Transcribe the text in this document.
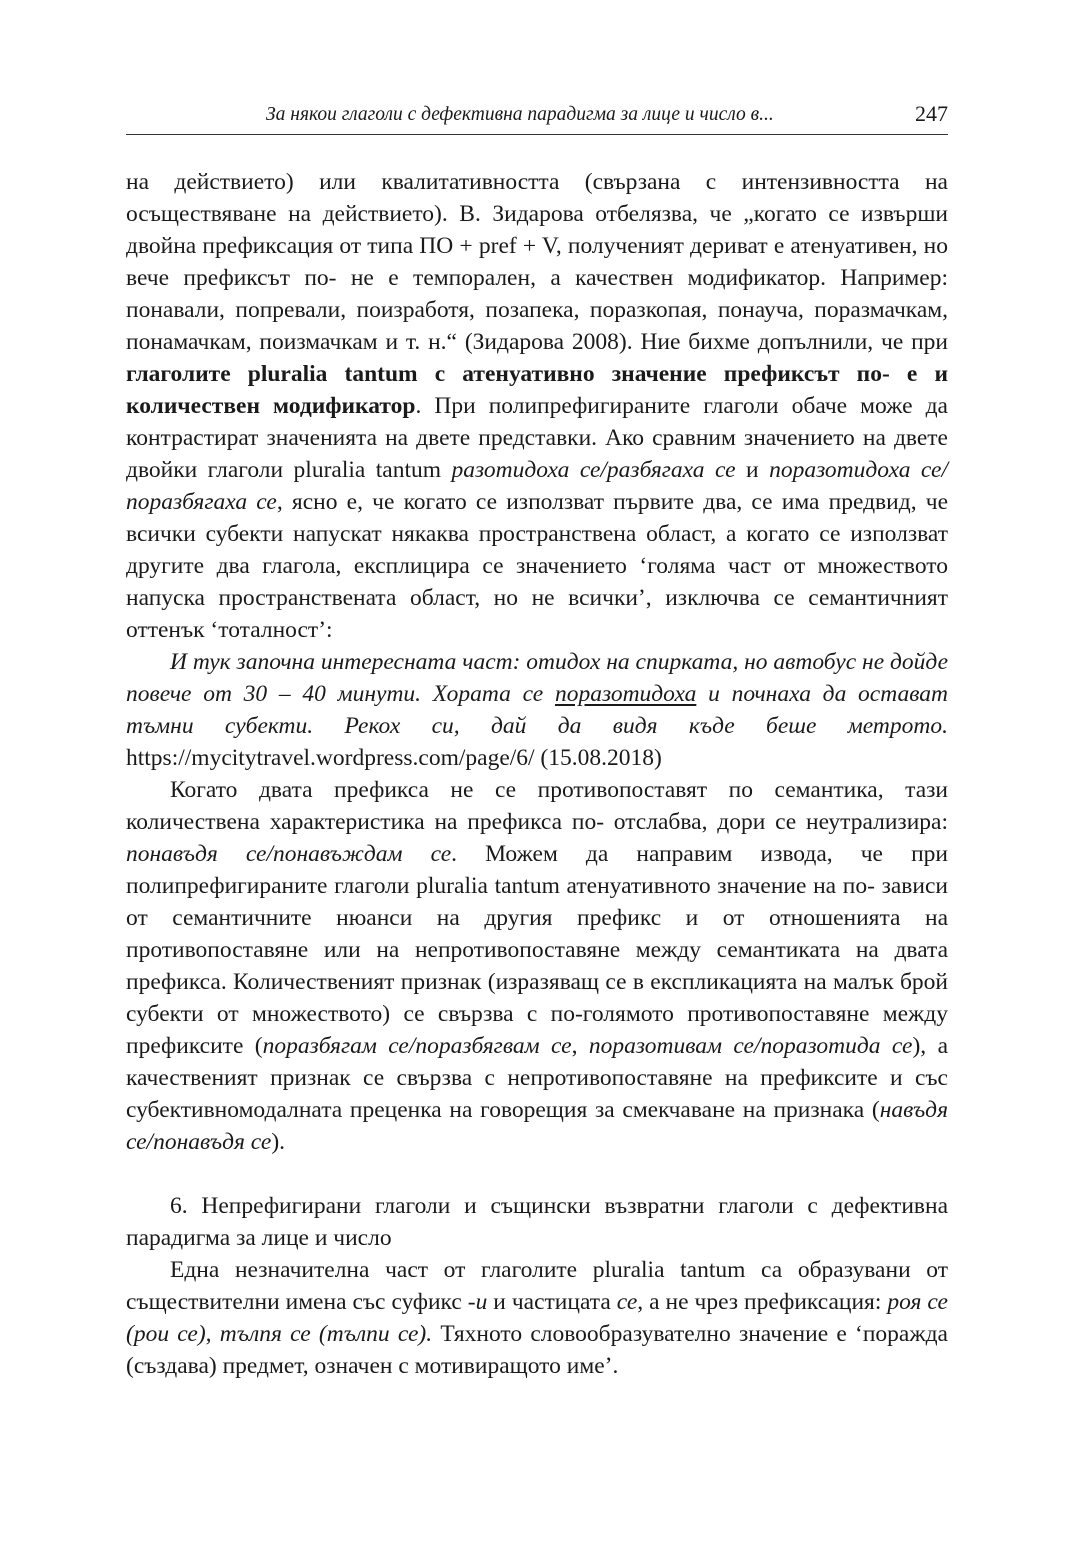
За някои глаголи с дефективна парадигма за лице и число в...	247

на действието) или квалитативността (свързана с интензивността на осъществяване на действието). В. Зидарова отбелязва, че „когато се извърши двойна префиксация от типа ПО + pref + V, полученият дериват е атенуативен, но вече префиксът по- не е темпорален, а качествен модификатор. Например: понавали, попревали, поизработя, позапека, поразкопая, понауча, поразмачкам, понамачкам, поизмачкам и т. н.“ (Зидарова 2008). Ние бихме допълнили, че при глаголите pluralia tantum с атенуативно значение префиксът по- е и количествен модификатор. При полипрефигираните глаголи обаче може да контрастират значенията на двете представки. Ако сравним значението на двете двойки глаголи pluralia tantum разотидоха се/разбягаха се и поразотидоха се/поразбягаха се, ясно е, че когато се използват първите два, се има предвид, че всички субекти напускат някаква пространствена област, а когато се използват другите два глагола, експлицира се значението ‘голяма част от множеството напуска пространствената област, но не всички’, изключва се семантичният оттенък ‘тоталност’:

И тук започна интересната част: отидох на спирката, но автобус не дойде повече от 30 – 40 минути. Хората се поразотидоха и почнаха да остават тъмни субекти. Рекох си, дай да видя къде беше метрото. https://mycitytravel.wordpress.com/page/6/ (15.08.2018)

Когато двата префикса не се противопоставят по семантика, тази количествена характеристика на префикса по- отслабва, дори се неутрализира: понавъдя се/понавъждам се. Можем да направим извода, че при полипрефигираните глаголи pluralia tantum атенуативното значение на по- зависи от семантичните нюанси на другия префикс и от отношенията на противопоставяне или на непротивопоставяне между семантиката на двата префикса. Количественият признак (изразяващ се в експликацията на малък брой субекти от множеството) се свързва с по-голямото противопоставяне между префиксите (поразбягам се/поразбягвам се, поразотивам се/поразотида се), а качественият признак се свързва с непротивопоставяне на префиксите и със субективномодалната преценка на говорещия за смекчаване на признака (навъдя се/понавъдя се).

6. Непрефигирани глаголи и същински възвратни глаголи с дефективна парадигма за лице и число

Една незначителна част от глаголите pluralia tantum са образувани от съществителни имена със суфикс -и и частицата се, а не чрез префиксация: роя се (рои се), тълпя се (тълпи се). Тяхното словообразувателно значение е ‘поражда (създава) предмет, означен с мотивиращото име’.
